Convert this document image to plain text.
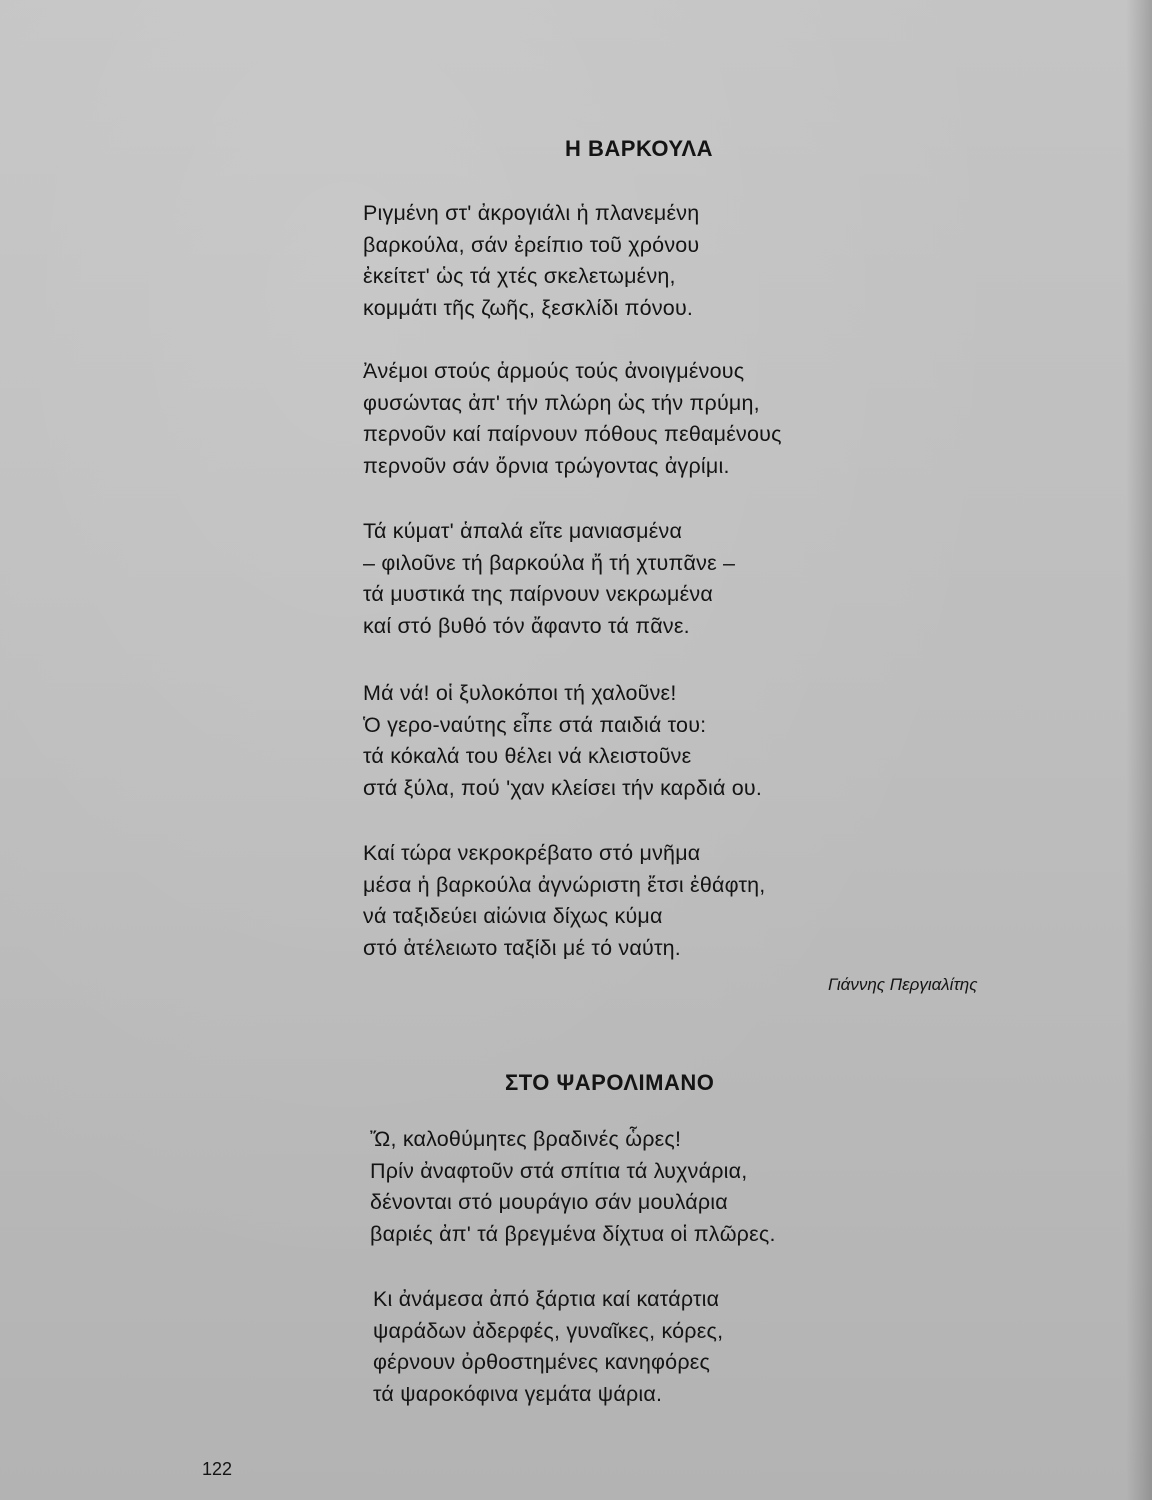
Η ΒΑΡΚΟΥΛΑ
Ριγμένη στ' ἀκρογιάλι ἡ πλανεμένη
βαρκούλα, σάν ἐρείπιο τοῦ χρόνου
ἐκείτετ' ὡς τά χτές σκελετωμένη,
κομμάτι τῆς ζωῆς, ξεσκλίδι πόνου.
Ἀνέμοι στούς ἁρμούς τούς ἀνοιγμένους
φυσώντας ἀπ' τήν πλώρη ὡς τήν πρύμη,
περνοῦν καί παίρνουν πόθους πεθαμένους
περνοῦν σάν ὄρνια τρώγοντας ἀγρίμι.
Τά κύματ' ἁπαλά εἴτε μανιασμένα
– φιλοῦνε τή βαρκούλα ἤ τή χτυπᾶνε –
τά μυστικά της παίρνουν νεκρωμένα
καί στό βυθό τόν ἄφαντο τά πᾶνε.
Μά νά! οἱ ξυλοκόποι τή χαλοῦνε!
Ὁ γερο-ναύτης εἶπε στά παιδιά του:
τά κόκαλά του θέλει νά κλειστοῦνε
στά ξύλα, πού 'χαν κλείσει τήν καρδιά ου.
Καί τώρα νεκροκρέβατο στό μνῆμα
μέσα ἡ βαρκούλα ἀγνώριστη ἔτσι ἐθάφτη,
νά ταξιδεύει αἰώνια δίχως κύμα
στό ἀτέλειωτο ταξίδι μέ τό ναύτη.

Γιάννης Περγιαλίτης

ΣΤΟ ΨΑΡΟΛΙΜΑΝΟ
Ὤ, καλοθύμητες βραδινές ὧρες!
Πρίν ἀναφτοῦν στά σπίτια τά λυχνάρια,
δένονται στό μουράγιο σάν μουλάρια
βαριές ἀπ' τά βρεγμένα δίχτυα οἱ πλῶρες.
Κι ἀνάμεσα ἀπό ξάρτια καί κατάρτια
ψαράδων ἀδερφές, γυναῖκες, κόρες,
φέρνουν ὀρθοστημένες κανηφόρες
τά ψαροκόφινα γεμάτα ψάρια.

122
